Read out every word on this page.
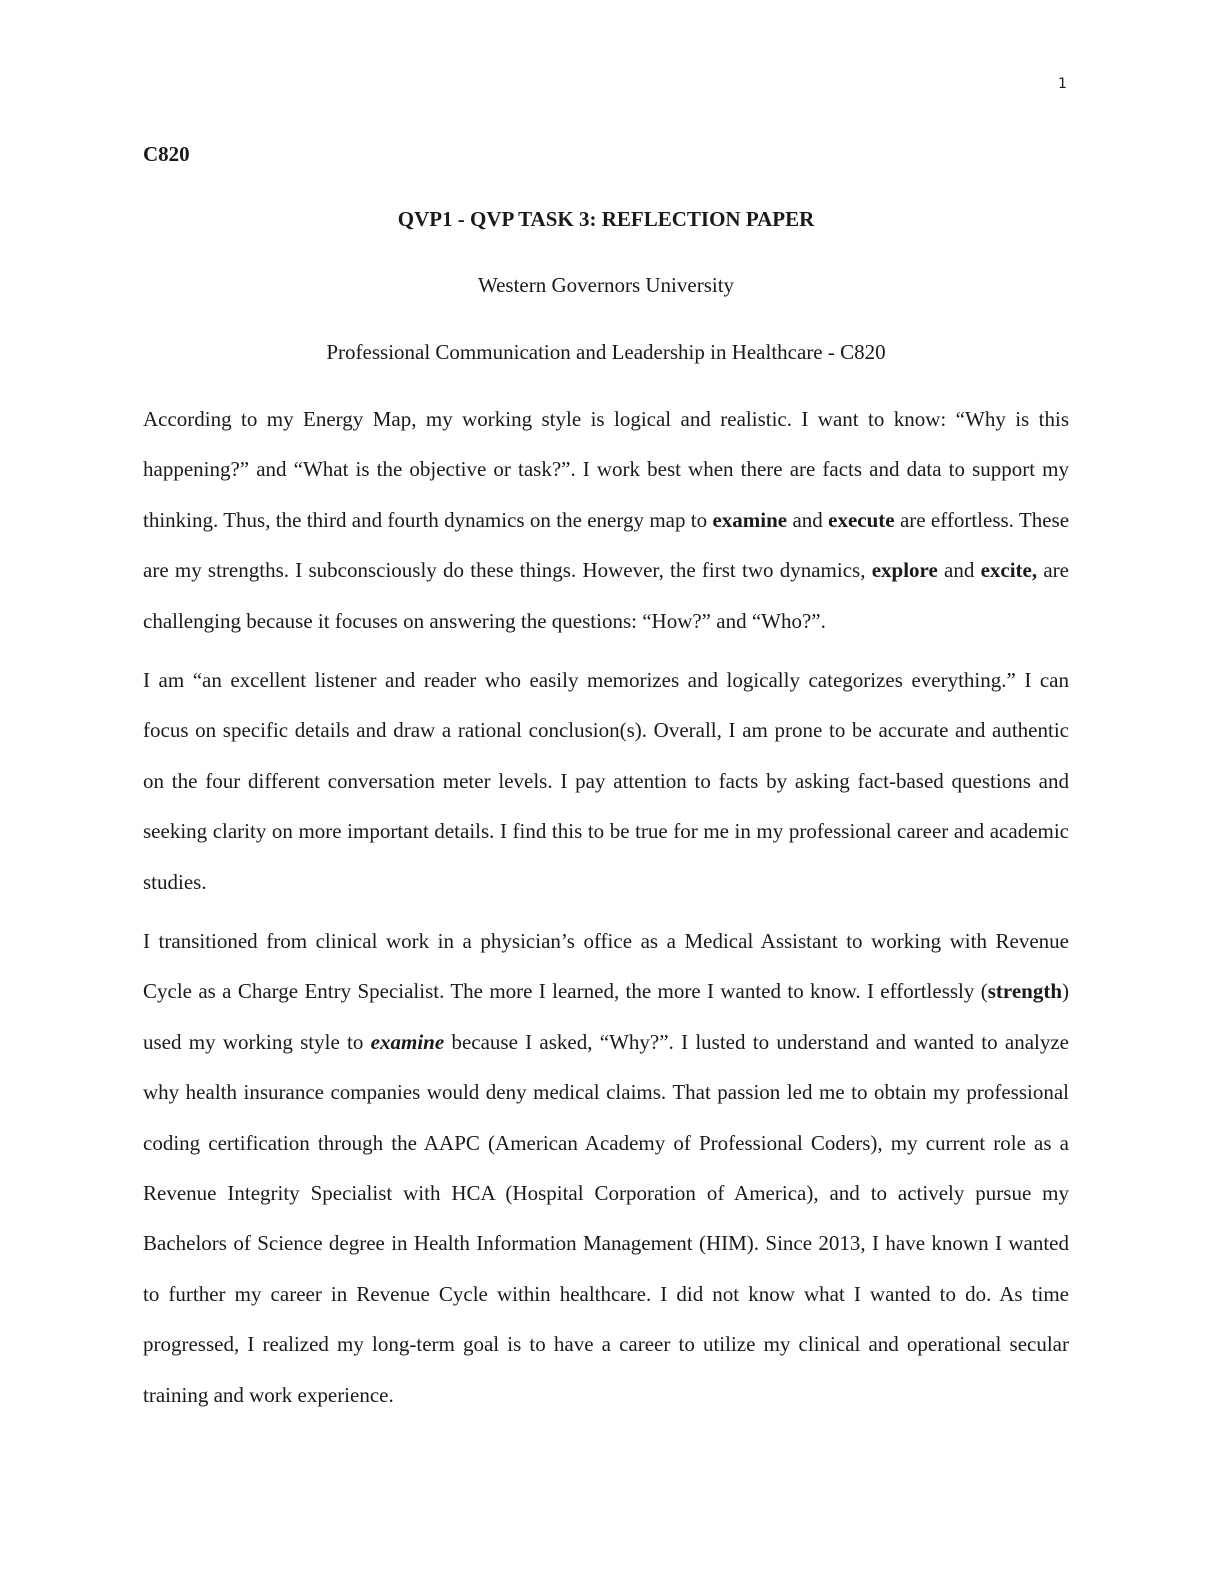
1
C820
QVP1 - QVP TASK 3: REFLECTION PAPER
Western Governors University
Professional Communication and Leadership in Healthcare - C820

According to my Energy Map, my working style is logical and realistic. I want to know: “Why is this happening?” and “What is the objective or task?”. I work best when there are facts and data to support my thinking. Thus, the third and fourth dynamics on the energy map to examine and execute are effortless. These are my strengths. I subconsciously do these things. However, the first two dynamics, explore and excite, are challenging because it focuses on answering the questions: “How?” and “Who?”.

I am “an excellent listener and reader who easily memorizes and logically categorizes everything.” I can focus on specific details and draw a rational conclusion(s). Overall, I am prone to be accurate and authentic on the four different conversation meter levels. I pay attention to facts by asking fact-based questions and seeking clarity on more important details. I find this to be true for me in my professional career and academic studies.

I transitioned from clinical work in a physician’s office as a Medical Assistant to working with Revenue Cycle as a Charge Entry Specialist. The more I learned, the more I wanted to know. I effortlessly (strength) used my working style to examine because I asked, “Why?”. I lusted to understand and wanted to analyze why health insurance companies would deny medical claims. That passion led me to obtain my professional coding certification through the AAPC (American Academy of Professional Coders), my current role as a Revenue Integrity Specialist with HCA (Hospital Corporation of America), and to actively pursue my Bachelors of Science degree in Health Information Management (HIM). Since 2013, I have known I wanted to further my career in Revenue Cycle within healthcare. I did not know what I wanted to do. As time progressed, I realized my long-term goal is to have a career to utilize my clinical and operational secular training and work experience.
